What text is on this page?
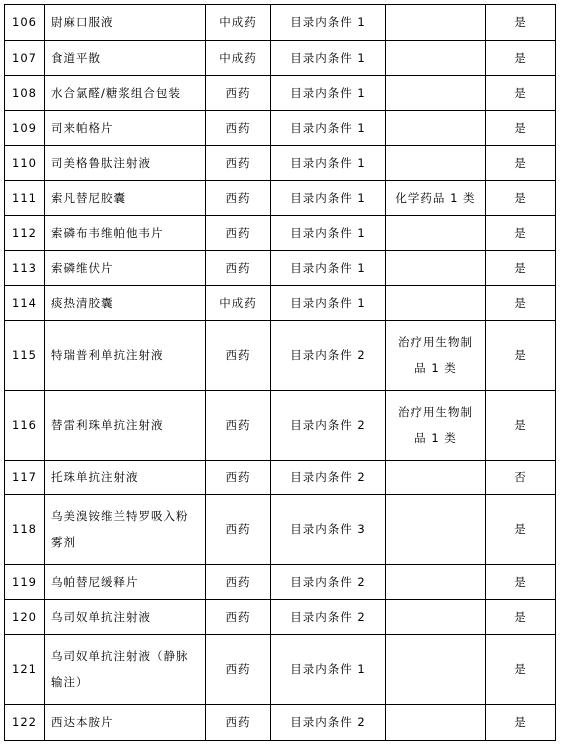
106	尉麻口服液	中成药	目录内条件 1		是
107	食道平散	中成药	目录内条件 1		是
108	水合氯醛/糖浆组合包装	西药	目录内条件 1		是
109	司来帕格片	西药	目录内条件 1		是
110	司美格鲁肽注射液	西药	目录内条件 1		是
111	索凡替尼胶囊	西药	目录内条件 1	化学药品 1 类	是
112	索磷布韦维帕他韦片	西药	目录内条件 1		是
113	索磷维伏片	西药	目录内条件 1		是
114	痰热清胶囊	中成药	目录内条件 1		是
115	特瑞普利单抗注射液	西药	目录内条件 2	治疗用生物制品 1 类	是
116	替雷利珠单抗注射液	西药	目录内条件 2	治疗用生物制品 1 类	是
117	托珠单抗注射液	西药	目录内条件 2		否
118	乌美溴铵维兰特罗吸入粉雾剂	西药	目录内条件 3		是
119	乌帕替尼缓释片	西药	目录内条件 2		是
120	乌司奴单抗注射液	西药	目录内条件 2		是
121	乌司奴单抗注射液（静脉输注）	西药	目录内条件 1		是
122	西达本胺片	西药	目录内条件 2		是
